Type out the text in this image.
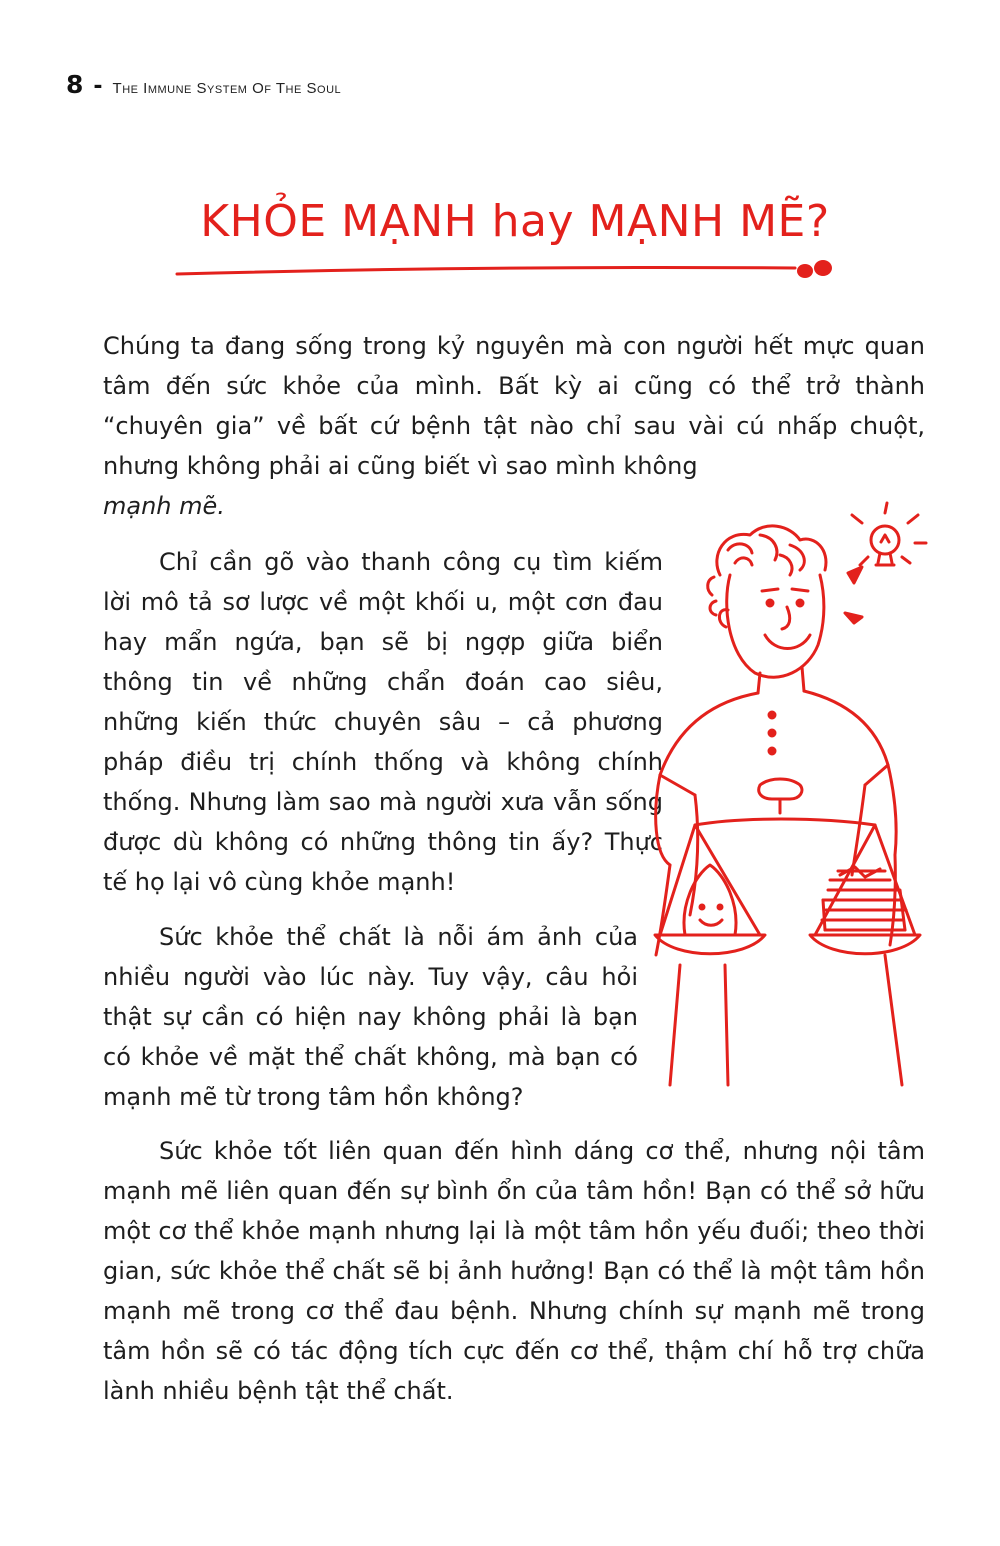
8 - The Immune System Of The Soul
KHỎE MẠNH hay MẠNH MẼ?

Chúng ta đang sống trong kỷ nguyên mà con người hết mực quan tâm đến sức khỏe của mình. Bất kỳ ai cũng có thể trở thành “chuyên gia” về bất cứ bệnh tật nào chỉ sau vài cú nhấp chuột, nhưng không phải ai cũng biết vì sao mình không
mạnh mẽ.

Chỉ cần gõ vào thanh công cụ tìm kiếm lời mô tả sơ lược về một khối u, một cơn đau hay mẩn ngứa, bạn sẽ bị ngợp giữa biển thông tin về những chẩn đoán cao siêu, những kiến thức chuyên sâu – cả phương pháp điều trị chính thống và không chính thống. Nhưng làm sao mà người xưa vẫn sống được dù không có những thông tin ấy? Thực tế họ lại vô cùng khỏe mạnh!

Sức khỏe thể chất là nỗi ám ảnh của nhiều người vào lúc này. Tuy vậy, câu hỏi thật sự cần có hiện nay không phải là bạn có khỏe về mặt thể chất không, mà bạn có mạnh mẽ từ trong tâm hồn không?

Sức khỏe tốt liên quan đến hình dáng cơ thể, nhưng nội tâm mạnh mẽ liên quan đến sự bình ổn của tâm hồn! Bạn có thể sở hữu một cơ thể khỏe mạnh nhưng lại là một tâm hồn yếu đuối; theo thời gian, sức khỏe thể chất sẽ bị ảnh hưởng! Bạn có thể là một tâm hồn mạnh mẽ trong cơ thể đau bệnh. Nhưng chính sự mạnh mẽ trong tâm hồn sẽ có tác động tích cực đến cơ thể, thậm chí hỗ trợ chữa lành nhiều bệnh tật thể chất.
